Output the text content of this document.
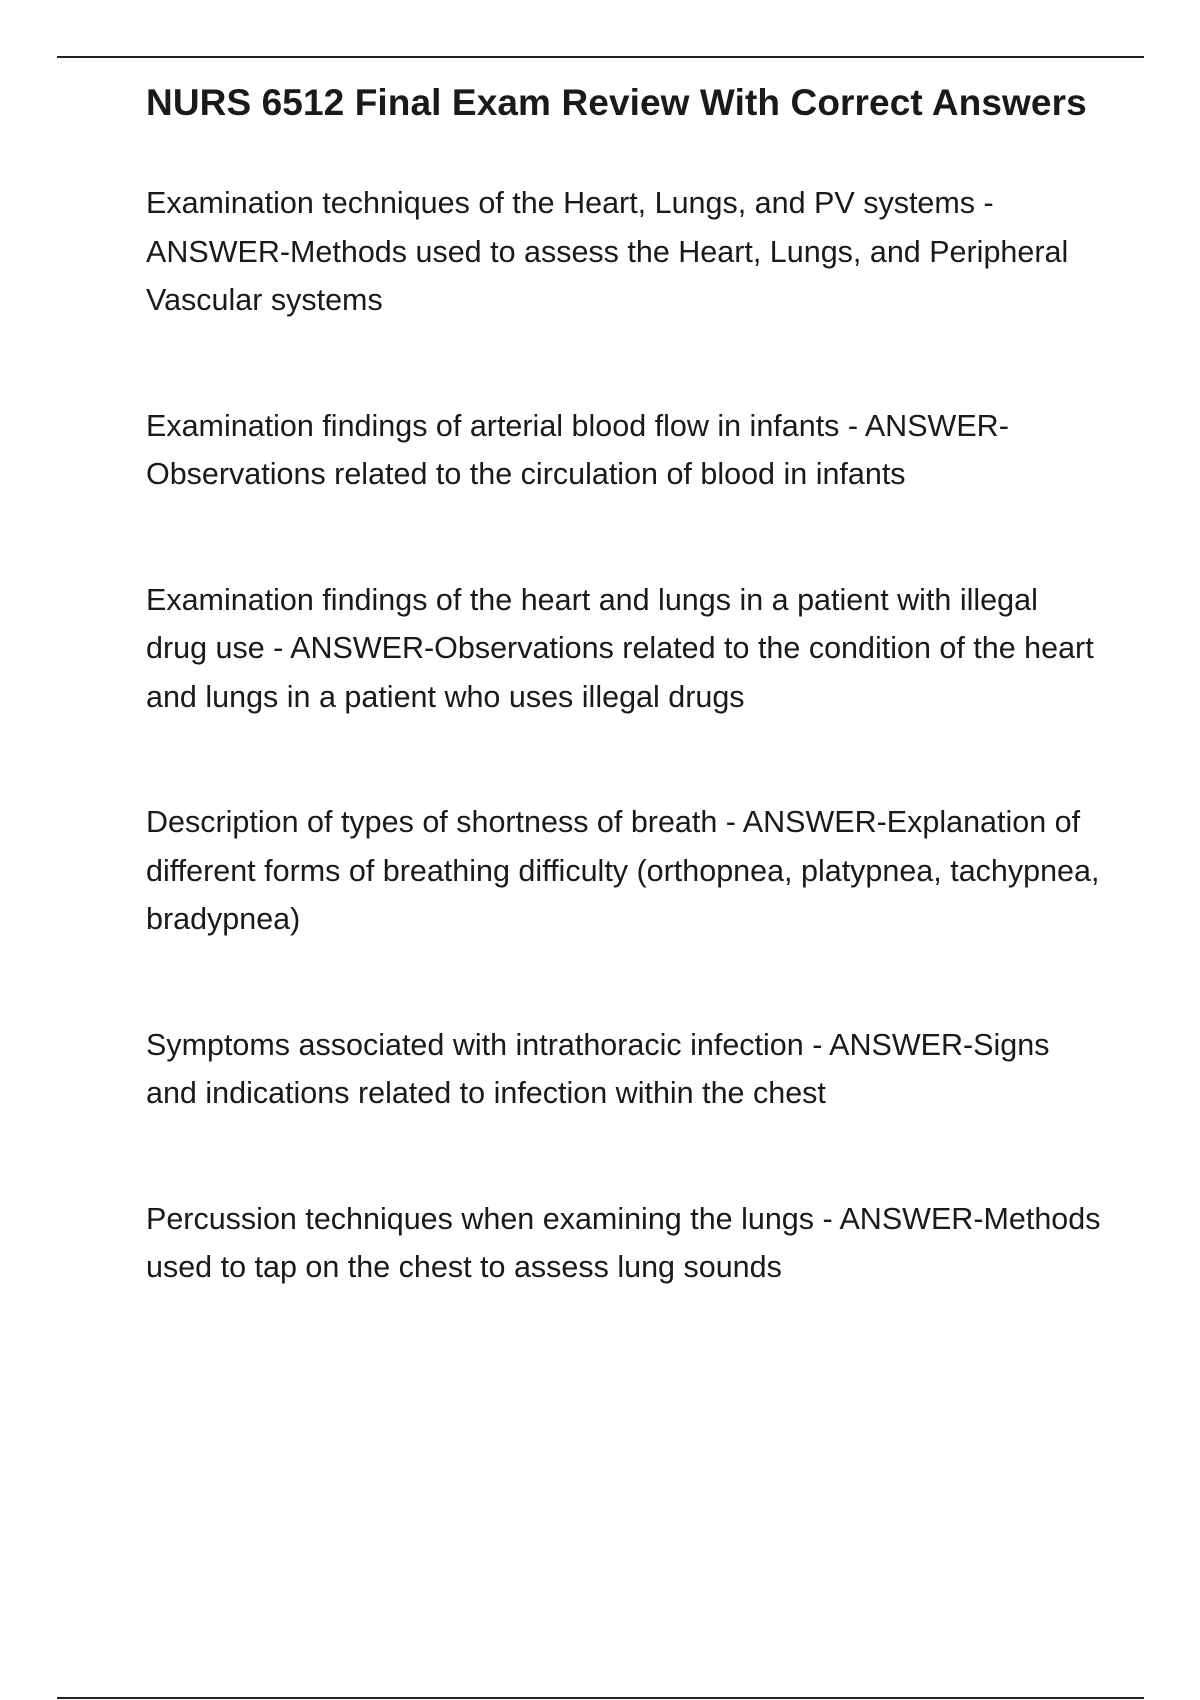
NURS 6512 Final Exam Review With Correct Answers

Examination techniques of the Heart, Lungs, and PV systems - ANSWER-Methods used to assess the Heart, Lungs, and Peripheral Vascular systems

Examination findings of arterial blood flow in infants - ANSWER-Observations related to the circulation of blood in infants

Examination findings of the heart and lungs in a patient with illegal drug use - ANSWER-Observations related to the condition of the heart and lungs in a patient who uses illegal drugs

Description of types of shortness of breath - ANSWER-Explanation of different forms of breathing difficulty (orthopnea, platypnea, tachypnea, bradypnea)

Symptoms associated with intrathoracic infection - ANSWER-Signs and indications related to infection within the chest

Percussion techniques when examining the lungs - ANSWER-Methods used to tap on the chest to assess lung sounds
